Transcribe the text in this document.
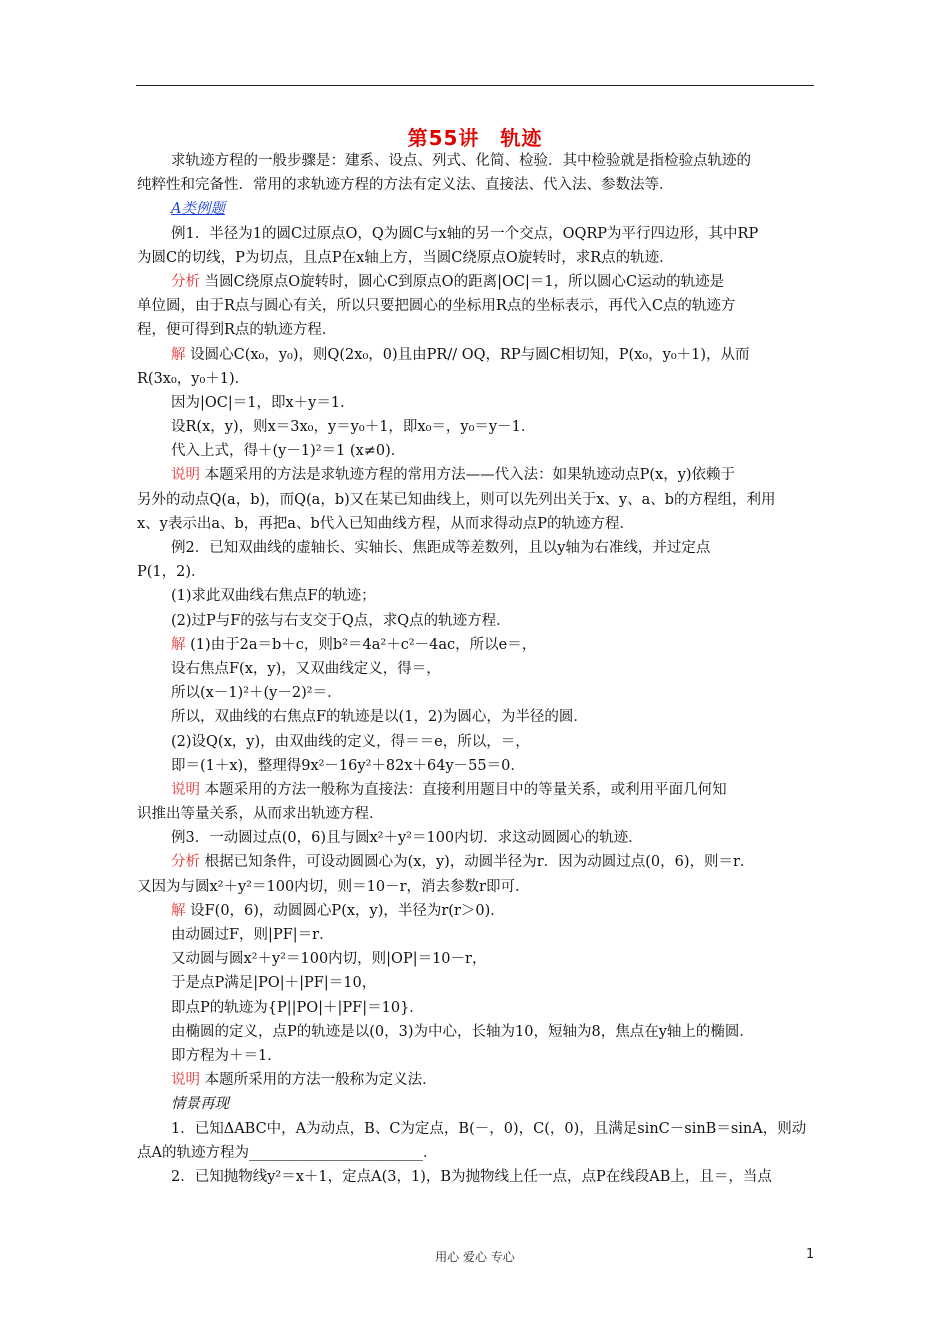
第55讲　轨迹
求轨迹方程的一般步骤是：建系、设点、列式、化简、检验．其中检验就是指检验点轨迹的
纯粹性和完备性．常用的求轨迹方程的方法有定义法、直接法、代入法、参数法等．
A类例题
例1．半径为1的圆C过原点O，Q为圆C与x轴的另一个交点，OQRP为平行四边形，其中RP
为圆C的切线，P为切点，且点P在x轴上方，当圆C绕原点O旋转时，求R点的轨迹．
分析 当圆C绕原点O旋转时，圆心C到原点O的距离|OC|＝1，所以圆心C运动的轨迹是
单位圆，由于R点与圆心有关，所以只要把圆心的坐标用R点的坐标表示，再代入C点的轨迹方
程，便可得到R点的轨迹方程．
解 设圆心C(x₀，y₀)，则Q(2x₀，0)且由PR// OQ，RP与圆C相切知，P(x₀，y₀＋1)，从而
R(3x₀，y₀＋1)．
因为|OC|＝1，即x＋y＝1．
设R(x，y)，则x＝3x₀，y＝y₀＋1，即x₀＝，y₀＝y－1．
代入上式，得＋(y－1)²＝1 (x≠0)．
说明 本题采用的方法是求轨迹方程的常用方法——代入法：如果轨迹动点P(x，y)依赖于
另外的动点Q(a，b)，而Q(a，b)又在某已知曲线上，则可以先列出关于x、y、a、b的方程组，利用
x、y表示出a、b，再把a、b代入已知曲线方程，从而求得动点P的轨迹方程．
例2．已知双曲线的虚轴长、实轴长、焦距成等差数列，且以y轴为右准线，并过定点
P(1，2)．
(1)求此双曲线右焦点F的轨迹；
(2)过P与F的弦与右支交于Q点，求Q点的轨迹方程．
解 (1)由于2a＝b＋c，则b²＝4a²＋c²－4ac，所以e＝，
设右焦点F(x，y)，又双曲线定义，得＝，
所以(x－1)²＋(y－2)²＝．
所以，双曲线的右焦点F的轨迹是以(1，2)为圆心，为半径的圆．
(2)设Q(x，y)，由双曲线的定义，得＝＝e，所以，＝，
即＝(1＋x)，整理得9x²－16y²＋82x＋64y－55＝0．
说明 本题采用的方法一般称为直接法：直接利用题目中的等量关系，或利用平面几何知
识推出等量关系，从而求出轨迹方程．
例3．一动圆过点(0，6)且与圆x²＋y²＝100内切．求这动圆圆心的轨迹．
分析 根据已知条件，可设动圆圆心为(x，y)，动圆半径为r．因为动圆过点(0，6)，则＝r．
又因为与圆x²＋y²＝100内切，则＝10－r，消去参数r即可．
解 设F(0，6)，动圆圆心P(x，y)，半径为r(r＞0)．
由动圆过F，则|PF|＝r．
又动圆与圆x²＋y²＝100内切，则|OP|＝10－r，
于是点P满足|PO|＋|PF|＝10，
即点P的轨迹为{P||PO|＋|PF|＝10}．
由椭圆的定义，点P的轨迹是以(0，3)为中心，长轴为10，短轴为8，焦点在y轴上的椭圆．
即方程为＋＝1．
说明 本题所采用的方法一般称为定义法．
情景再现
1．已知ΔABC中，A为动点，B、C为定点，B(－，0)，C(，0)，且满足sinC－sinB＝sinA，则动
点A的轨迹方程为________________________．
2．已知抛物线y²＝x＋1，定点A(3，1)，B为抛物线上任一点，点P在线段AB上，且＝，当点
用心 爱心 专心	1
